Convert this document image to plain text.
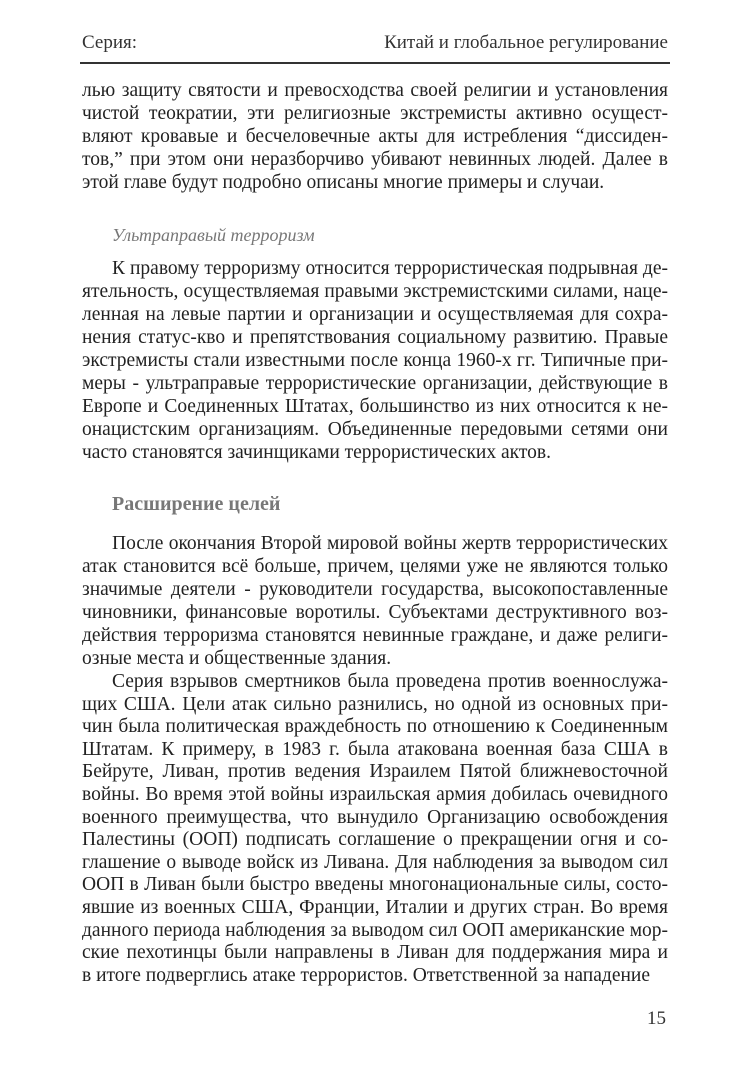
Серия:	Китай и глобальное регулирование
лью защиту святости и превосходства своей религии и установления
чистой теократии, эти религиозные экстремисты активно осущест-
вляют кровавые и бесчеловечные акты для истребления “диссиден-
тов,” при этом они неразборчиво убивают невинных людей. Далее в
этой главе будут подробно описаны многие примеры и случаи.
Ультраправый терроризм
К правому терроризму относится террористическая подрывная де-
ятельность, осуществляемая правыми экстремистскими силами, наце-
ленная на левые партии и организации и осуществляемая для сохра-
нения статус-кво и препятствования социальному развитию. Правые
экстремисты стали известными после конца 1960-х гг. Типичные при-
меры - ультраправые террористические организации, действующие в
Европе и Соединенных Штатах, большинство из них относится к не-
онацистским организациям. Объединенные передовыми сетями они
часто становятся зачинщиками террористических актов.
Расширение целей
После окончания Второй мировой войны жертв террористических
атак становится всё больше, причем, целями уже не являются только
значимые деятели - руководители государства, высокопоставленные
чиновники, финансовые воротилы. Субъектами деструктивного воз-
действия терроризма становятся невинные граждане, и даже религи-
озные места и общественные здания.
Серия взрывов смертников была проведена против военнослужа-
щих США. Цели атак сильно разнились, но одной из основных при-
чин была политическая враждебность по отношению к Соединенным
Штатам. К примеру, в 1983 г. была атакована военная база США в
Бейруте, Ливан, против ведения Израилем Пятой ближневосточной
войны. Во время этой войны израильская армия добилась очевидного
военного преимущества, что вынудило Организацию освобождения
Палестины (ООП) подписать соглашение о прекращении огня и со-
глашение о выводе войск из Ливана. Для наблюдения за выводом сил
ООП в Ливан были быстро введены многонациональные силы, состо-
явшие из военных США, Франции, Италии и других стран. Во время
данного периода наблюдения за выводом сил ООП американские мор-
ские пехотинцы были направлены в Ливан для поддержания мира и
в итоге подверглись атаке террористов. Ответственной за нападение
15
